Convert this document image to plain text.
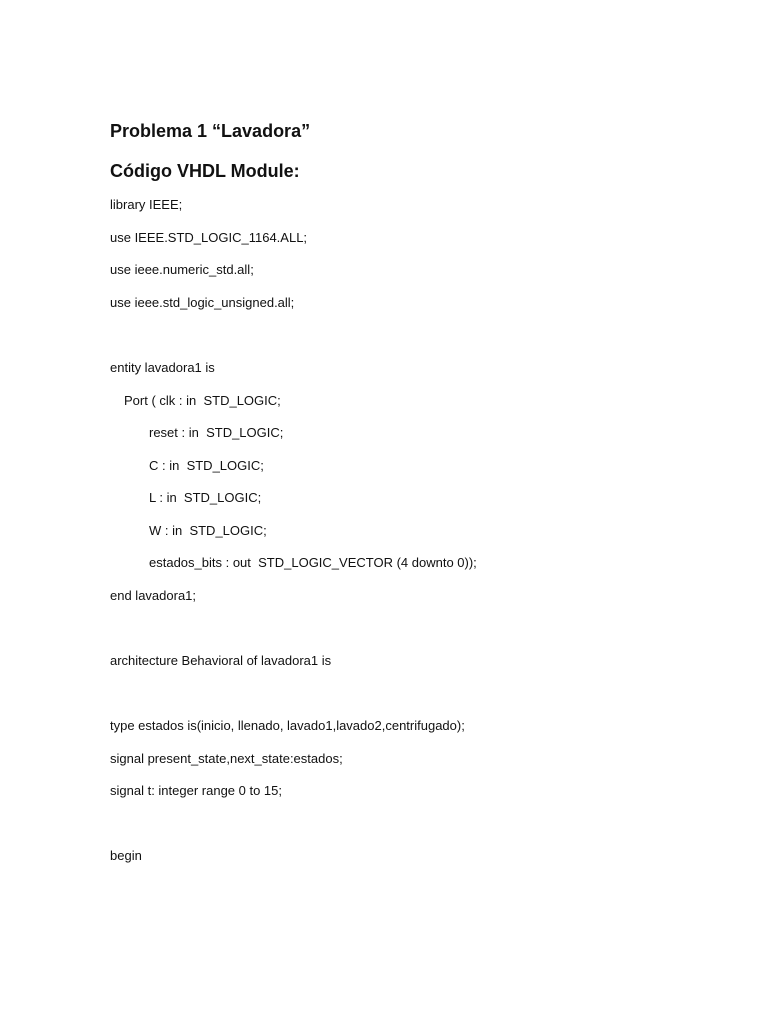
Problema 1 “Lavadora”
Código VHDL Module:
library IEEE;
use IEEE.STD_LOGIC_1164.ALL;
use ieee.numeric_std.all;
use ieee.std_logic_unsigned.all;
entity lavadora1 is
Port ( clk : in  STD_LOGIC;
reset : in  STD_LOGIC;
C : in  STD_LOGIC;
L : in  STD_LOGIC;
W : in  STD_LOGIC;
estados_bits : out  STD_LOGIC_VECTOR (4 downto 0));
end lavadora1;
architecture Behavioral of lavadora1 is
type estados is(inicio, llenado, lavado1,lavado2,centrifugado);
signal present_state,next_state:estados;
signal t: integer range 0 to 15;
begin
